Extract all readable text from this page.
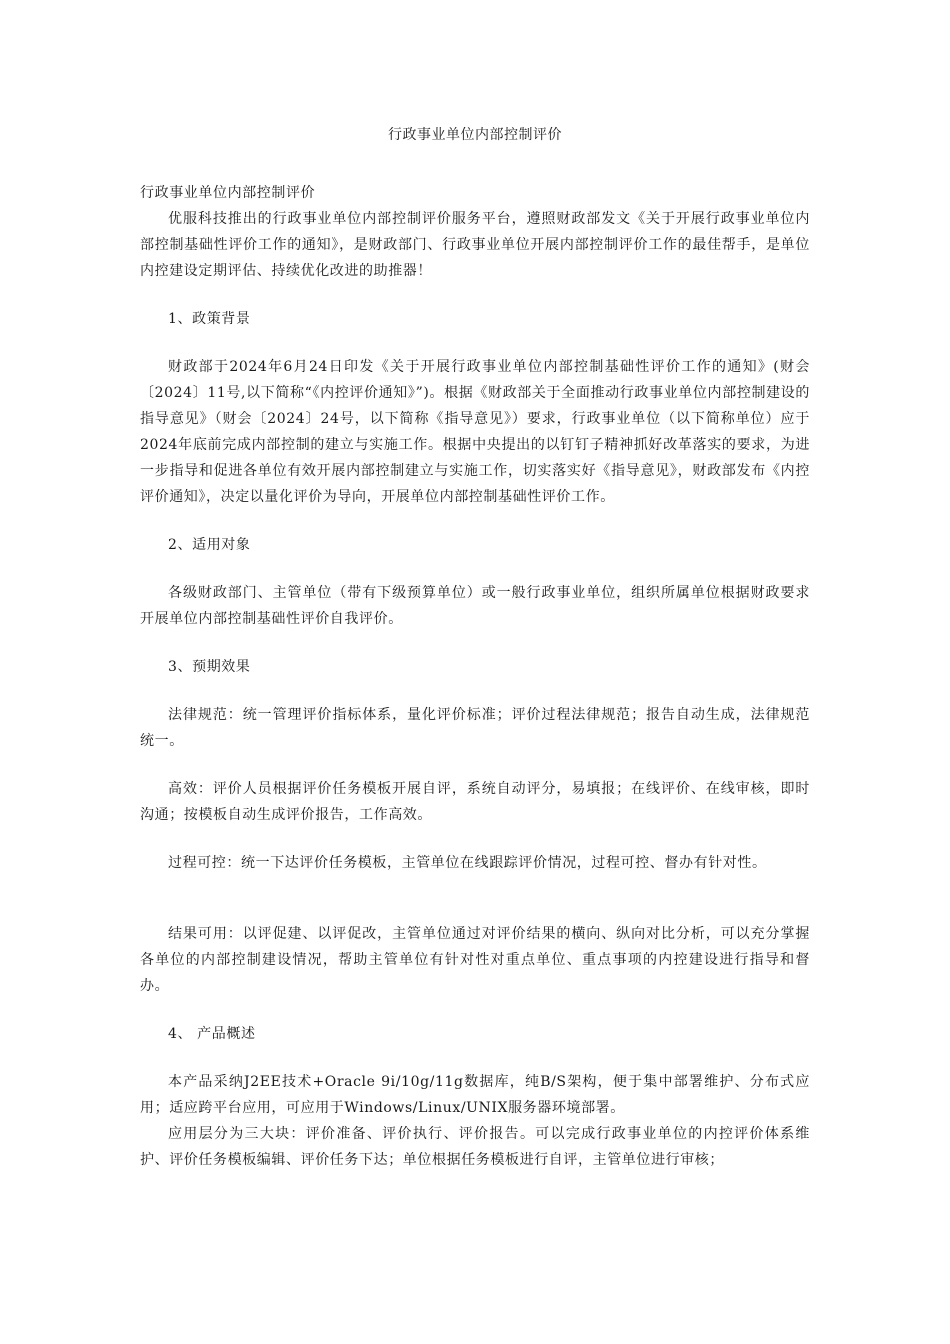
行政事业单位内部控制评价

行政事业单位内部控制评价

优服科技推出的行政事业单位内部控制评价服务平台，遵照财政部发文《关于开展行政事业单位内部控制基础性评价工作的通知》，是财政部门、行政事业单位开展内部控制评价工作的最佳帮手，是单位内控建设定期评估、持续优化改进的助推器！

1、政策背景

财政部于2024年6月24日印发《关于开展行政事业单位内部控制基础性评价工作的通知》(财会〔2024〕11号,以下简称“《内控评价通知》”)。根据《财政部关于全面推动行政事业单位内部控制建设的指导意见》（财会〔2024〕24号，以下简称《指导意见》）要求，行政事业单位（以下简称单位）应于2024年底前完成内部控制的建立与实施工作。根据中央提出的以钉钉子精神抓好改革落实的要求，为进一步指导和促进各单位有效开展内部控制建立与实施工作，切实落实好《指导意见》，财政部发布《内控评价通知》，决定以量化评价为导向，开展单位内部控制基础性评价工作。

2、适用对象

各级财政部门、主管单位（带有下级预算单位）或一般行政事业单位，组织所属单位根据财政要求开展单位内部控制基础性评价自我评价。

3、预期效果

法律规范：统一管理评价指标体系，量化评价标准；评价过程法律规范；报告自动生成，法律规范统一。

高效：评价人员根据评价任务模板开展自评，系统自动评分，易填报；在线评价、在线审核，即时沟通；按模板自动生成评价报告，工作高效。

过程可控：统一下达评价任务模板，主管单位在线跟踪评价情况，过程可控、督办有针对性。

结果可用：以评促建、以评促改，主管单位通过对评价结果的横向、纵向对比分析，可以充分掌握各单位的内部控制建设情况，帮助主管单位有针对性对重点单位、重点事项的内控建设进行指导和督办。

4、 产品概述

本产品采纳J2EE技术+Oracle 9i/10g/11g数据库，纯B/S架构，便于集中部署维护、分布式应用；适应跨平台应用，可应用于Windows/Linux/UNIX服务器环境部署。

应用层分为三大块：评价准备、评价执行、评价报告。可以完成行政事业单位的内控评价体系维护、评价任务模板编辑、评价任务下达；单位根据任务模板进行自评，主管单位进行审核；
